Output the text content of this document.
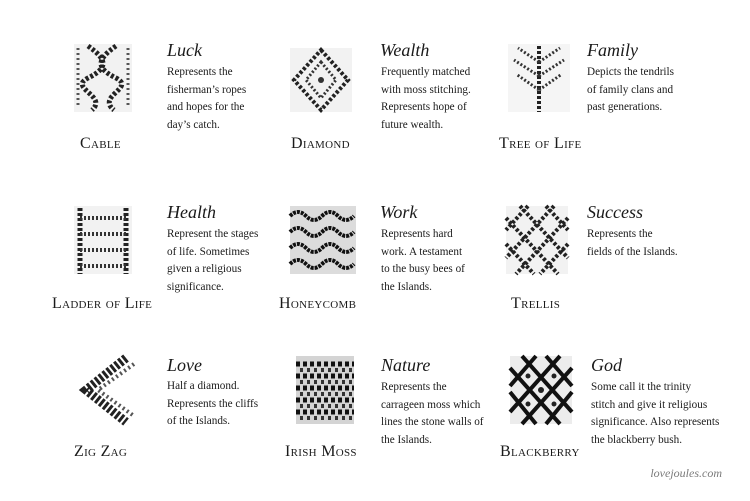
Cable
Luck
Represents the
fisherman’s ropes
and hopes for the
day’s catch.
Diamond
Wealth
Frequently matched
with moss stitching.
Represents hope of
future wealth.
Tree of Life
Family
Depicts the tendrils
of family clans and
past generations.
Ladder of Life
Health
Represent the stages
of life. Sometimes
given a religious
significance.
Honeycomb
Work
Represents hard
work. A testament
to the busy bees of
the Islands.
Trellis
Success
Represents the
fields of the Islands.
Zig Zag
Love
Half a diamond.
Represents the cliffs
of the Islands.
Irish Moss
Nature
Represents the
carrageen moss which
lines the stone walls of
the Islands.
Blackberry
God
Some call it the trinity
stitch and give it religious
significance. Also represents
the blackberry bush.
lovejoules.com
